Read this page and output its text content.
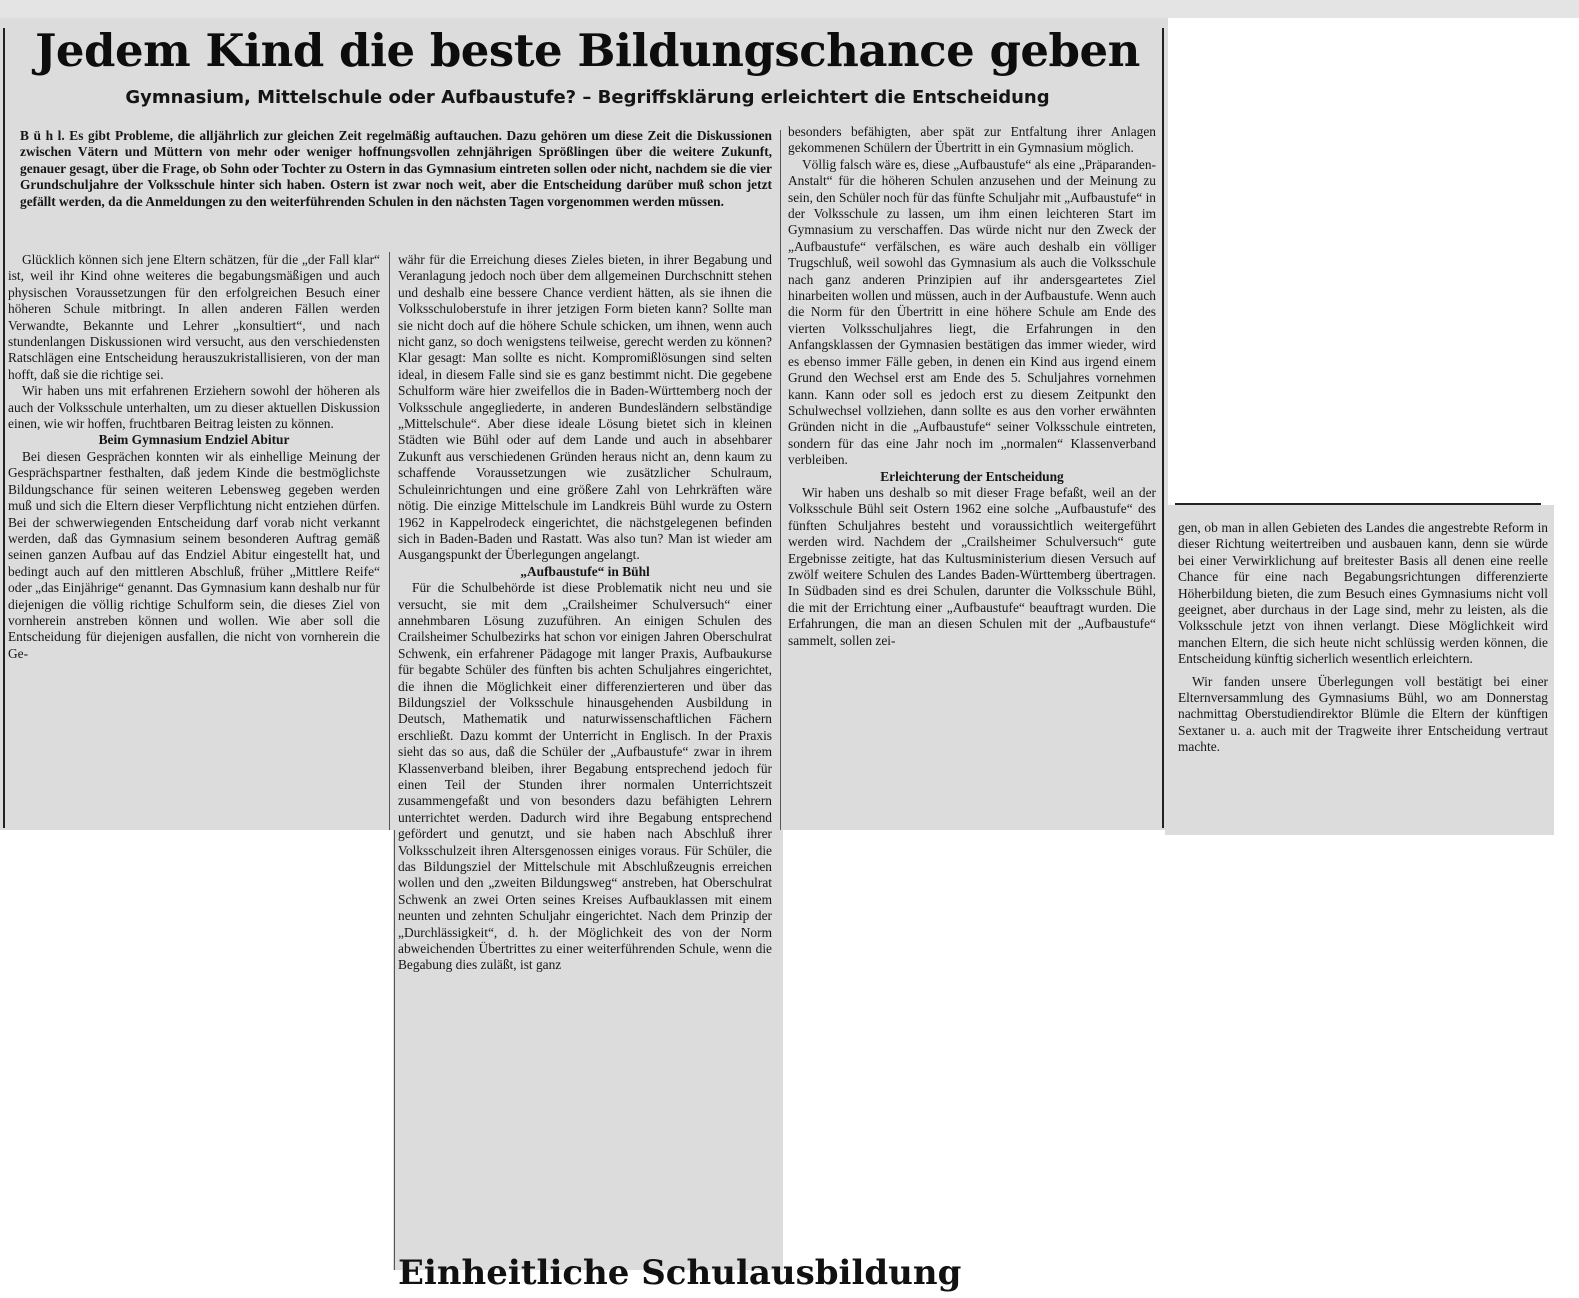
Jedem Kind die beste Bildungschance geben
Gymnasium, Mittelschule oder Aufbaustufe? – Begriffsklärung erleichtert die Entscheidung

B ü h l. Es gibt Probleme, die alljährlich zur gleichen Zeit regelmäßig auftauchen. Dazu gehören um diese Zeit die Diskussionen zwischen Vätern und Müttern von mehr oder weniger hoffnungsvollen zehnjährigen Sprößlingen über die weitere Zukunft, genauer gesagt, über die Frage, ob Sohn oder Tochter zu Ostern in das Gymnasium eintreten sollen oder nicht, nachdem sie die vier Grundschuljahre der Volksschule hinter sich haben. Ostern ist zwar noch weit, aber die Entscheidung darüber muß schon jetzt gefällt werden, da die Anmeldungen zu den weiterführenden Schulen in den nächsten Tagen vorgenommen werden müssen.

Glücklich können sich jene Eltern schätzen, für die „der Fall klar“ ist, weil ihr Kind ohne weiteres die begabungsmäßigen und auch physischen Voraussetzungen für den erfolgreichen Besuch einer höheren Schule mitbringt. In allen anderen Fällen werden Verwandte, Bekannte und Lehrer „konsultiert“, und nach stundenlangen Diskussionen wird versucht, aus den verschiedensten Ratschlägen eine Entscheidung herauszukristallisieren, von der man hofft, daß sie die richtige sei.

Wir haben uns mit erfahrenen Erziehern sowohl der höheren als auch der Volksschule unterhalten, um zu dieser aktuellen Diskussion einen, wie wir hoffen, fruchtbaren Beitrag leisten zu können.

Beim Gymnasium Endziel Abitur

Bei diesen Gesprächen konnten wir als einhellige Meinung der Gesprächspartner festhalten, daß jedem Kinde die bestmöglichste Bildungschance für seinen weiteren Lebensweg gegeben werden muß und sich die Eltern dieser Verpflichtung nicht entziehen dürfen. Bei der schwerwiegenden Entscheidung darf vorab nicht verkannt werden, daß das Gymnasium seinem besonderen Auftrag gemäß seinen ganzen Aufbau auf das Endziel Abitur eingestellt hat, und bedingt auch auf den mittleren Abschluß, früher „Mittlere Reife“ oder „das Einjährige“ genannt. Das Gymnasium kann deshalb nur für diejenigen die völlig richtige Schulform sein, die dieses Ziel von vornherein anstreben können und wollen. Wie aber soll die Entscheidung für diejenigen ausfallen, die nicht von vornherein die Ge-

währ für die Erreichung dieses Zieles bieten, in ihrer Begabung und Veranlagung jedoch noch über dem allgemeinen Durchschnitt stehen und deshalb eine bessere Chance verdient hätten, als sie ihnen die Volksschuloberstufe in ihrer jetzigen Form bieten kann? Sollte man sie nicht doch auf die höhere Schule schicken, um ihnen, wenn auch nicht ganz, so doch wenigstens teilweise, gerecht werden zu können? Klar gesagt: Man sollte es nicht. Kompromißlösungen sind selten ideal, in diesem Falle sind sie es ganz bestimmt nicht. Die gegebene Schulform wäre hier zweifellos die in Baden-Württemberg noch der Volksschule angegliederte, in anderen Bundesländern selbständige „Mittelschule“. Aber diese ideale Lösung bietet sich in kleinen Städten wie Bühl oder auf dem Lande und auch in absehbarer Zukunft aus verschiedenen Gründen heraus nicht an, denn kaum zu schaffende Voraussetzungen wie zusätzlicher Schulraum, Schuleinrichtungen und eine größere Zahl von Lehrkräften wäre nötig. Die einzige Mittelschule im Landkreis Bühl wurde zu Ostern 1962 in Kappelrodeck eingerichtet, die nächstgelegenen befinden sich in Baden-Baden und Rastatt. Was also tun? Man ist wieder am Ausgangspunkt der Überlegungen angelangt.

„Aufbaustufe“ in Bühl

Für die Schulbehörde ist diese Problematik nicht neu und sie versucht, sie mit dem „Crailsheimer Schulversuch“ einer annehmbaren Lösung zuzuführen. An einigen Schulen des Crailsheimer Schulbezirks hat schon vor einigen Jahren Oberschulrat Schwenk, ein erfahrener Pädagoge mit langer Praxis, Aufbaukurse für begabte Schüler des fünften bis achten Schuljahres eingerichtet, die ihnen die Möglichkeit einer differenzierteren und über das Bildungsziel der Volksschule hinausgehenden Ausbildung in Deutsch, Mathematik und naturwissenschaftlichen Fächern erschließt. Dazu kommt der Unterricht in Englisch. In der Praxis sieht das so aus, daß die Schüler der „Aufbaustufe“ zwar in ihrem Klassenverband bleiben, ihrer Begabung entsprechend jedoch für einen Teil der Stunden ihrer normalen Unterrichtszeit zusammengefaßt und von besonders dazu befähigten Lehrern unterrichtet werden. Dadurch wird ihre Begabung entsprechend gefördert und genutzt, und sie haben nach Abschluß ihrer Volksschulzeit ihren Altersgenossen einiges voraus. Für Schüler, die das Bildungsziel der Mittelschule mit Abschlußzeugnis erreichen wollen und den „zweiten Bildungsweg“ anstreben, hat Oberschulrat Schwenk an zwei Orten seines Kreises Aufbauklassen mit einem neunten und zehnten Schuljahr eingerichtet. Nach dem Prinzip der „Durchlässigkeit“, d. h. der Möglichkeit des von der Norm abweichenden Übertrittes zu einer weiterführenden Schule, wenn die Begabung dies zuläßt, ist ganz

besonders befähigten, aber spät zur Entfaltung ihrer Anlagen gekommenen Schülern der Übertritt in ein Gymnasium möglich.

Völlig falsch wäre es, diese „Aufbaustufe“ als eine „Präparanden-Anstalt“ für die höheren Schulen anzusehen und der Meinung zu sein, den Schüler noch für das fünfte Schuljahr mit „Aufbaustufe“ in der Volksschule zu lassen, um ihm einen leichteren Start im Gymnasium zu verschaffen. Das würde nicht nur den Zweck der „Aufbaustufe“ verfälschen, es wäre auch deshalb ein völliger Trugschluß, weil sowohl das Gymnasium als auch die Volksschule nach ganz anderen Prinzipien auf ihr andersgeartetes Ziel hinarbeiten wollen und müssen, auch in der Aufbaustufe. Wenn auch die Norm für den Übertritt in eine höhere Schule am Ende des vierten Volksschuljahres liegt, die Erfahrungen in den Anfangsklassen der Gymnasien bestätigen das immer wieder, wird es ebenso immer Fälle geben, in denen ein Kind aus irgend einem Grund den Wechsel erst am Ende des 5. Schuljahres vornehmen kann. Kann oder soll es jedoch erst zu diesem Zeitpunkt den Schulwechsel vollziehen, dann sollte es aus den vorher erwähnten Gründen nicht in die „Aufbaustufe“ seiner Volksschule eintreten, sondern für das eine Jahr noch im „normalen“ Klassenverband verbleiben.

Erleichterung der Entscheidung

Wir haben uns deshalb so mit dieser Frage befaßt, weil an der Volksschule Bühl seit Ostern 1962 eine solche „Aufbaustufe“ des fünften Schuljahres besteht und voraussichtlich weitergeführt werden wird. Nachdem der „Crailsheimer Schulversuch“ gute Ergebnisse zeitigte, hat das Kultusministerium diesen Versuch auf zwölf weitere Schulen des Landes Baden-Württemberg übertragen. In Südbaden sind es drei Schulen, darunter die Volksschule Bühl, die mit der Errichtung einer „Aufbaustufe“ beauftragt wurden. Die Erfahrungen, die man an diesen Schulen mit der „Aufbaustufe“ sammelt, sollen zei-

gen, ob man in allen Gebieten des Landes die angestrebte Reform in dieser Richtung weitertreiben und ausbauen kann, denn sie würde bei einer Verwirklichung auf breitester Basis all denen eine reelle Chance für eine nach Begabungsrichtungen differenzierte Höherbildung bieten, die zum Besuch eines Gymnasiums nicht voll geeignet, aber durchaus in der Lage sind, mehr zu leisten, als die Volksschule jetzt von ihnen verlangt. Diese Möglichkeit wird manchen Eltern, die sich heute nicht schlüssig werden können, die Entscheidung künftig sicherlich wesentlich erleichtern.

Wir fanden unsere Überlegungen voll bestätigt bei einer Elternversammlung des Gymnasiums Bühl, wo am Donnerstag nachmittag Oberstudiendirektor Blümle die Eltern der künftigen Sextaner u. a. auch mit der Tragweite ihrer Entscheidung vertraut machte.

Einheitliche Schulausbildung
